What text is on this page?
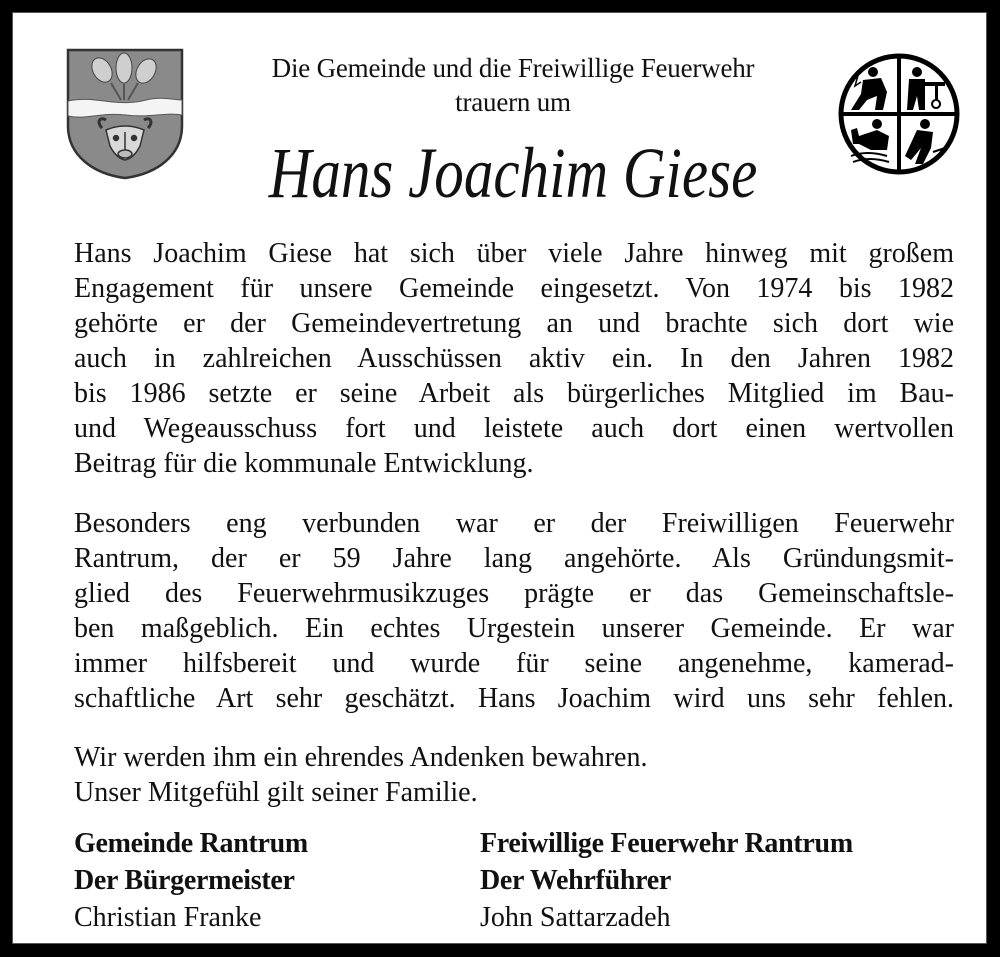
Die Gemeinde und die Freiwillige Feuerwehr
trauern um
Hans Joachim Giese
Hans Joachim Giese hat sich über viele Jahre hinweg mit großem
Engagement für unsere Gemeinde eingesetzt. Von 1974 bis 1982
gehörte er der Gemeindevertretung an und brachte sich dort wie
auch in zahlreichen Ausschüssen aktiv ein. In den Jahren 1982
bis 1986 setzte er seine Arbeit als bürgerliches Mitglied im Bau-
und Wegeausschuss fort und leistete auch dort einen wertvollen
Beitrag für die kommunale Entwicklung.
Besonders eng verbunden war er der Freiwilligen Feuerwehr
Rantrum, der er 59 Jahre lang angehörte. Als Gründungsmit-
glied des Feuerwehrmusikzuges prägte er das Gemeinschaftsle-
ben maßgeblich. Ein echtes Urgestein unserer Gemeinde. Er war
immer hilfsbereit und wurde für seine angenehme, kamerad-
schaftliche Art sehr geschätzt. Hans Joachim wird uns sehr fehlen.
Wir werden ihm ein ehrendes Andenken bewahren.
Unser Mitgefühl gilt seiner Familie.
Gemeinde Rantrum
Der Bürgermeister
Christian Franke
Freiwillige Feuerwehr Rantrum
Der Wehrführer
John Sattarzadeh
